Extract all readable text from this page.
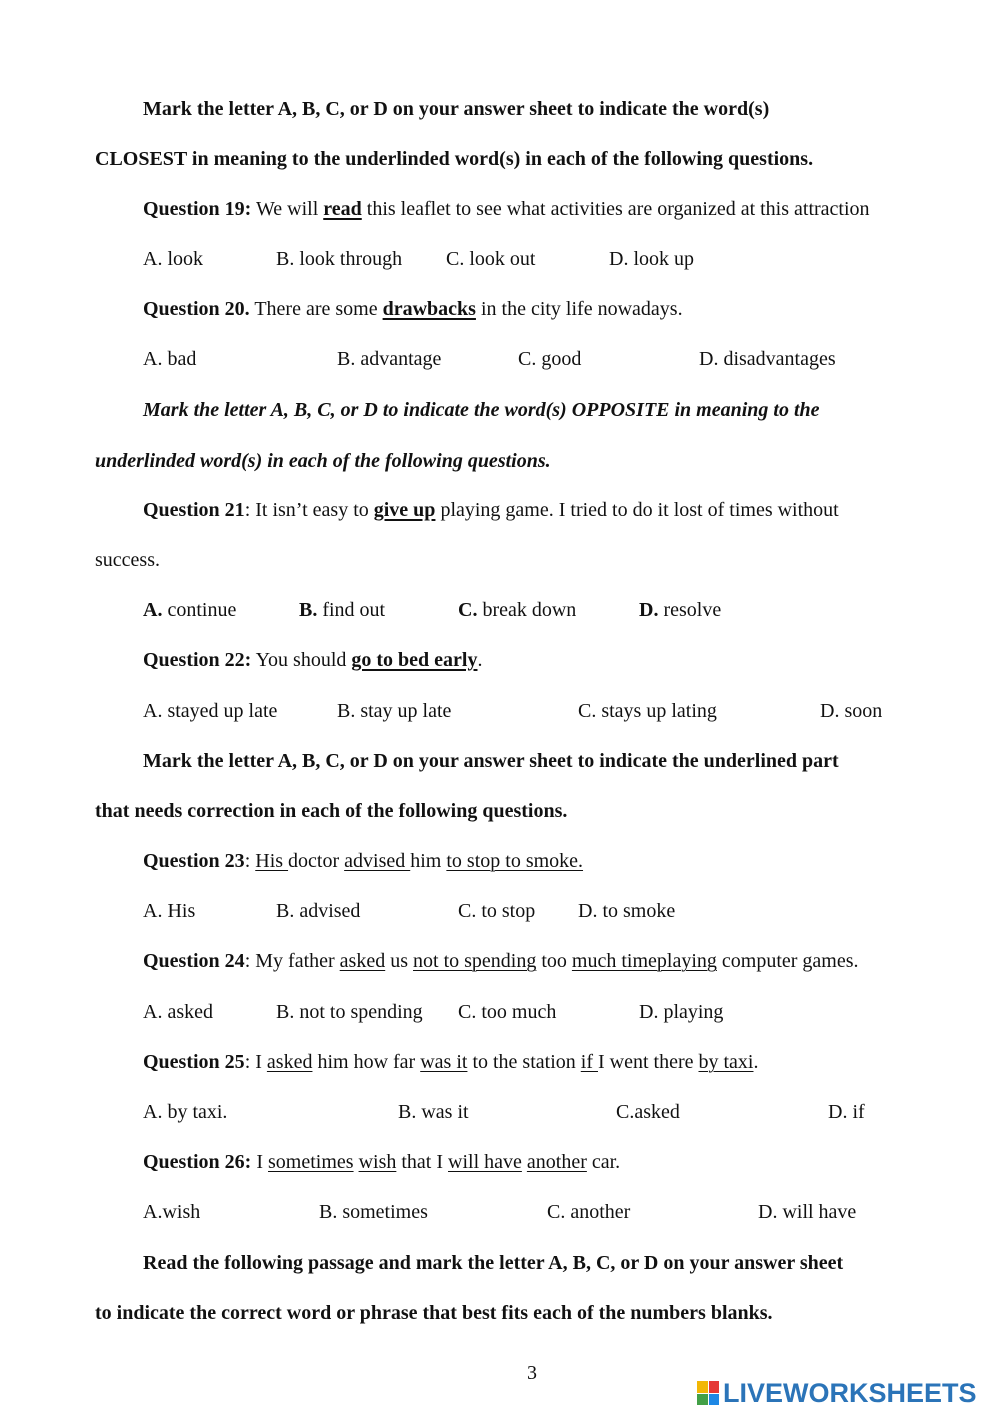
Mark the letter A, B, C, or D on your answer sheet to indicate the word(s)
CLOSEST in meaning to the underlinded word(s) in each of the following questions.
Question 19: We will read this leaflet to see what activities are organized at this attraction
A. look	B. look through C. look out	D. look up
Question 20. There are some drawbacks in the city life nowadays.
A. bad	B. advantage	C. good	D. disadvantages
Mark the letter A, B, C, or D to indicate the word(s) OPPOSITE in meaning to the
underlinded word(s) in each of the following questions.
Question 21: It isn’t easy to give up playing game. I tried to do it lost of times without
success.
A. continue	B. find out	C. break down	D. resolve
Question 22: You should go to bed early.
A. stayed up late	B. stay up late	C. stays up lating	D. soon
Mark the letter A, B, C, or D on your answer sheet to indicate the underlined part
that needs correction in each of the following questions.
Question 23: His doctor advised him to stop to smoke.
A. His	B. advised	C. to stop D. to smoke
Question 24: My father asked us not to spending too much timeplaying computer games.
A. asked	B. not to spending C. too much	D. playing
Question 25: I asked him how far was it to the station if I went there by taxi.
A. by taxi.	B. was it	C.asked	D. if
Question 26: I sometimes wish that I will have another car.
A.wish	B. sometimes	C. another	D. will have
Read the following passage and mark the letter A, B, C, or D on your answer sheet
to indicate the correct word or phrase that best fits each of the numbers blanks.
3
LIVEWORKSHEETS
